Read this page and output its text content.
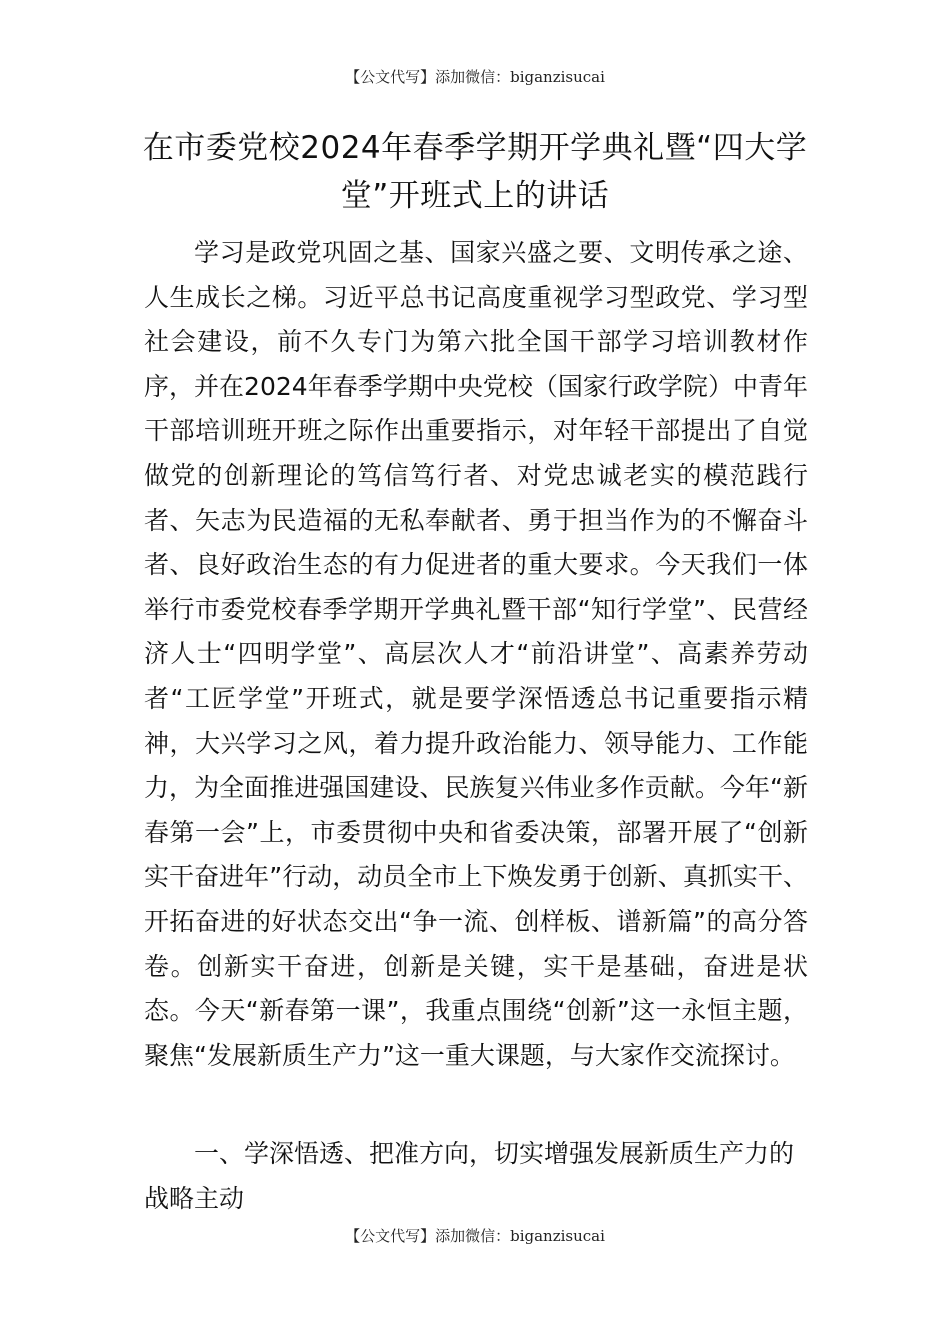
【公文代写】添加微信：biganzisucai
在市委党校2024年春季学期开学典礼暨“四大学堂”开班式上的讲话

学习是政党巩固之基、国家兴盛之要、文明传承之途、人生成长之梯。习近平总书记高度重视学习型政党、学习型社会建设，前不久专门为第六批全国干部学习培训教材作序，并在2024年春季学期中央党校（国家行政学院）中青年干部培训班开班之际作出重要指示，对年轻干部提出了自觉做党的创新理论的笃信笃行者、对党忠诚老实的模范践行者、矢志为民造福的无私奉献者、勇于担当作为的不懈奋斗者、良好政治生态的有力促进者的重大要求。今天我们一体举行市委党校春季学期开学典礼暨干部“知行学堂”、民营经济人士“四明学堂”、高层次人才“前沿讲堂”、高素养劳动者“工匠学堂”开班式，就是要学深悟透总书记重要指示精神，大兴学习之风，着力提升政治能力、领导能力、工作能力，为全面推进强国建设、民族复兴伟业多作贡献。今年“新春第一会”上，市委贯彻中央和省委决策，部署开展了“创新实干奋进年”行动，动员全市上下焕发勇于创新、真抓实干、开拓奋进的好状态交出“争一流、创样板、谱新篇”的高分答卷。创新实干奋进，创新是关键，实干是基础，奋进是状态。今天“新春第一课”，我重点围绕“创新”这一永恒主题，聚焦“发展新质生产力”这一重大课题，与大家作交流探讨。

一、学深悟透、把准方向，切实增强发展新质生产力的战略主动

【公文代写】添加微信：biganzisucai
